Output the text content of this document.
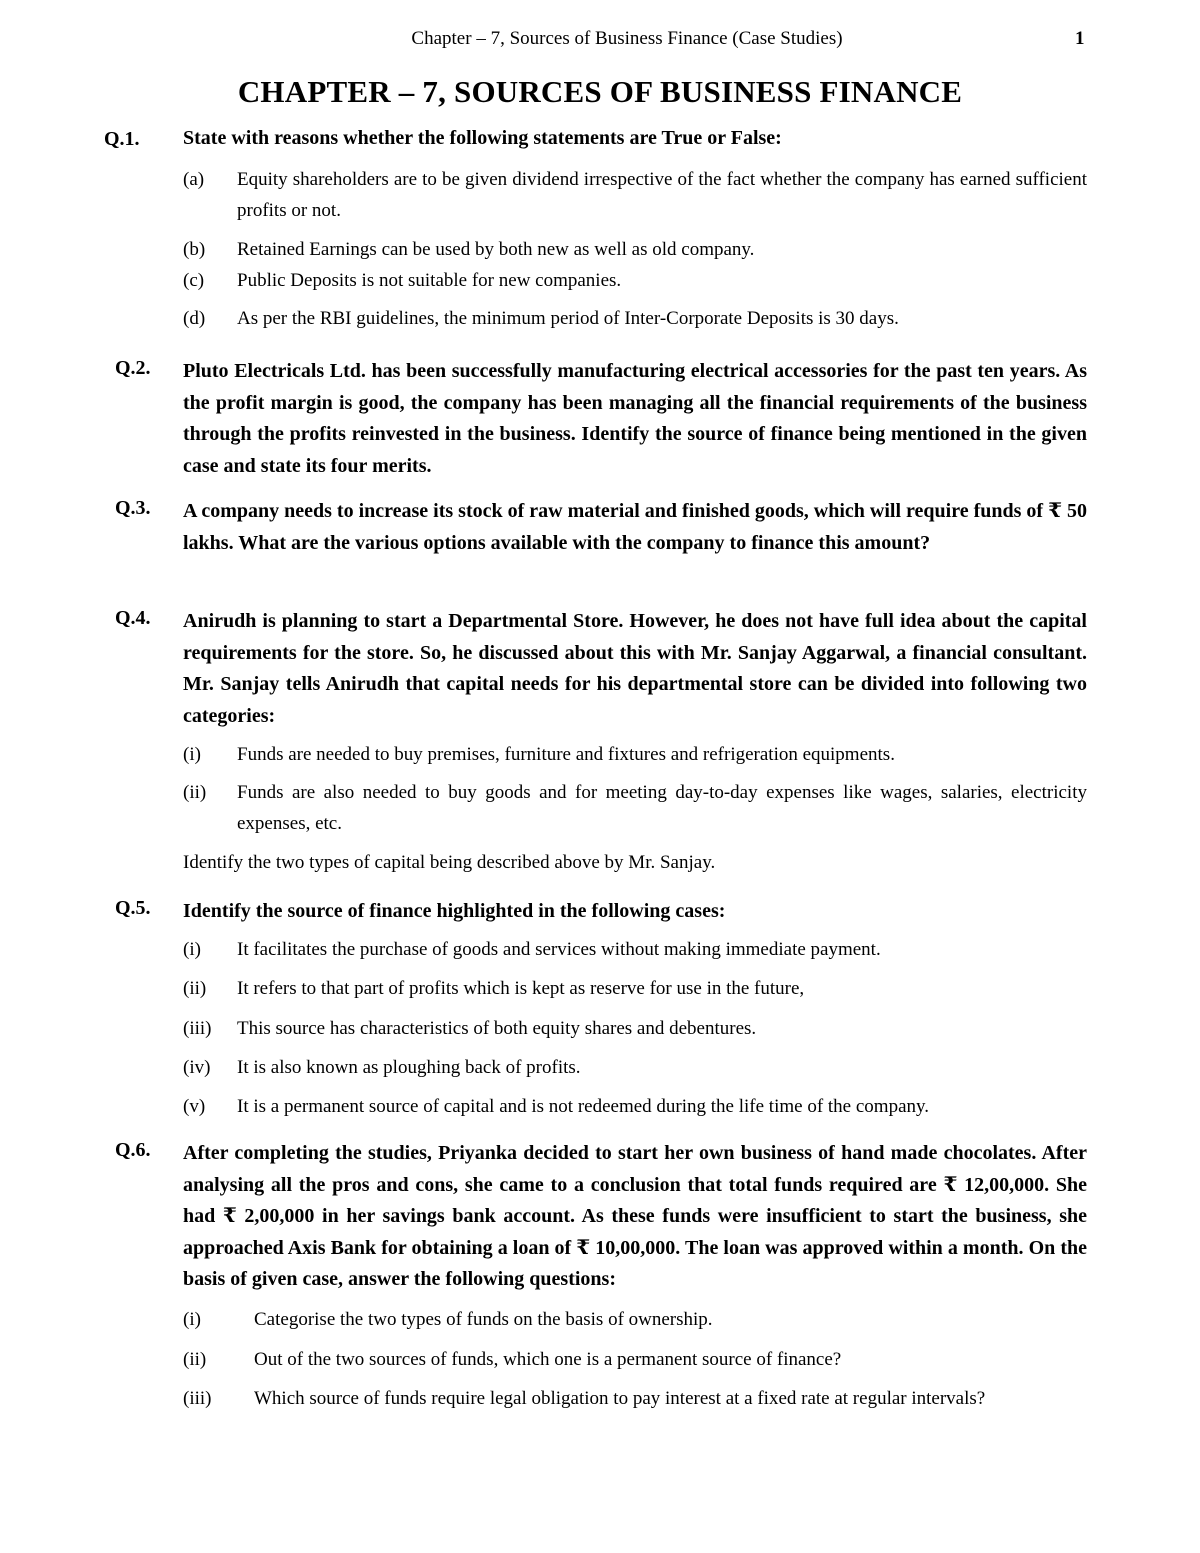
Chapter – 7, Sources of Business Finance (Case Studies)	1
CHAPTER – 7, SOURCES OF BUSINESS FINANCE
Q.1. State with reasons whether the following statements are True or False:
(a) Equity shareholders are to be given dividend irrespective of the fact whether the company has earned sufficient profits or not.
(b) Retained Earnings can be used by both new as well as old company.
(c) Public Deposits is not suitable for new companies.
(d) As per the RBI guidelines, the minimum period of Inter-Corporate Deposits is 30 days.
Q.2. Pluto Electricals Ltd. has been successfully manufacturing electrical accessories for the past ten years. As the profit margin is good, the company has been managing all the financial requirements of the business through the profits reinvested in the business. Identify the source of finance being mentioned in the given case and state its four merits.
Q.3. A company needs to increase its stock of raw material and finished goods, which will require funds of ₹ 50 lakhs. What are the various options available with the company to finance this amount?
Q.4. Anirudh is planning to start a Departmental Store. However, he does not have full idea about the capital requirements for the store. So, he discussed about this with Mr. Sanjay Aggarwal, a financial consultant. Mr. Sanjay tells Anirudh that capital needs for his departmental store can be divided into following two categories:
(i) Funds are needed to buy premises, furniture and fixtures and refrigeration equipments.
(ii) Funds are also needed to buy goods and for meeting day-to-day expenses like wages, salaries, electricity expenses, etc.
Identify the two types of capital being described above by Mr. Sanjay.
Q.5. Identify the source of finance highlighted in the following cases:
(i) It facilitates the purchase of goods and services without making immediate payment.
(ii) It refers to that part of profits which is kept as reserve for use in the future,
(iii) This source has characteristics of both equity shares and debentures.
(iv) It is also known as ploughing back of profits.
(v) It is a permanent source of capital and is not redeemed during the life time of the company.
Q.6. After completing the studies, Priyanka decided to start her own business of hand made chocolates. After analysing all the pros and cons, she came to a conclusion that total funds required are ₹ 12,00,000. She had ₹ 2,00,000 in her savings bank account. As these funds were insufficient to start the business, she approached Axis Bank for obtaining a loan of ₹ 10,00,000. The loan was approved within a month. On the basis of given case, answer the following questions:
(i)	Categorise the two types of funds on the basis of ownership.
(ii)	Out of the two sources of funds, which one is a permanent source of finance?
(iii) Which source of funds require legal obligation to pay interest at a fixed rate at regular intervals?
